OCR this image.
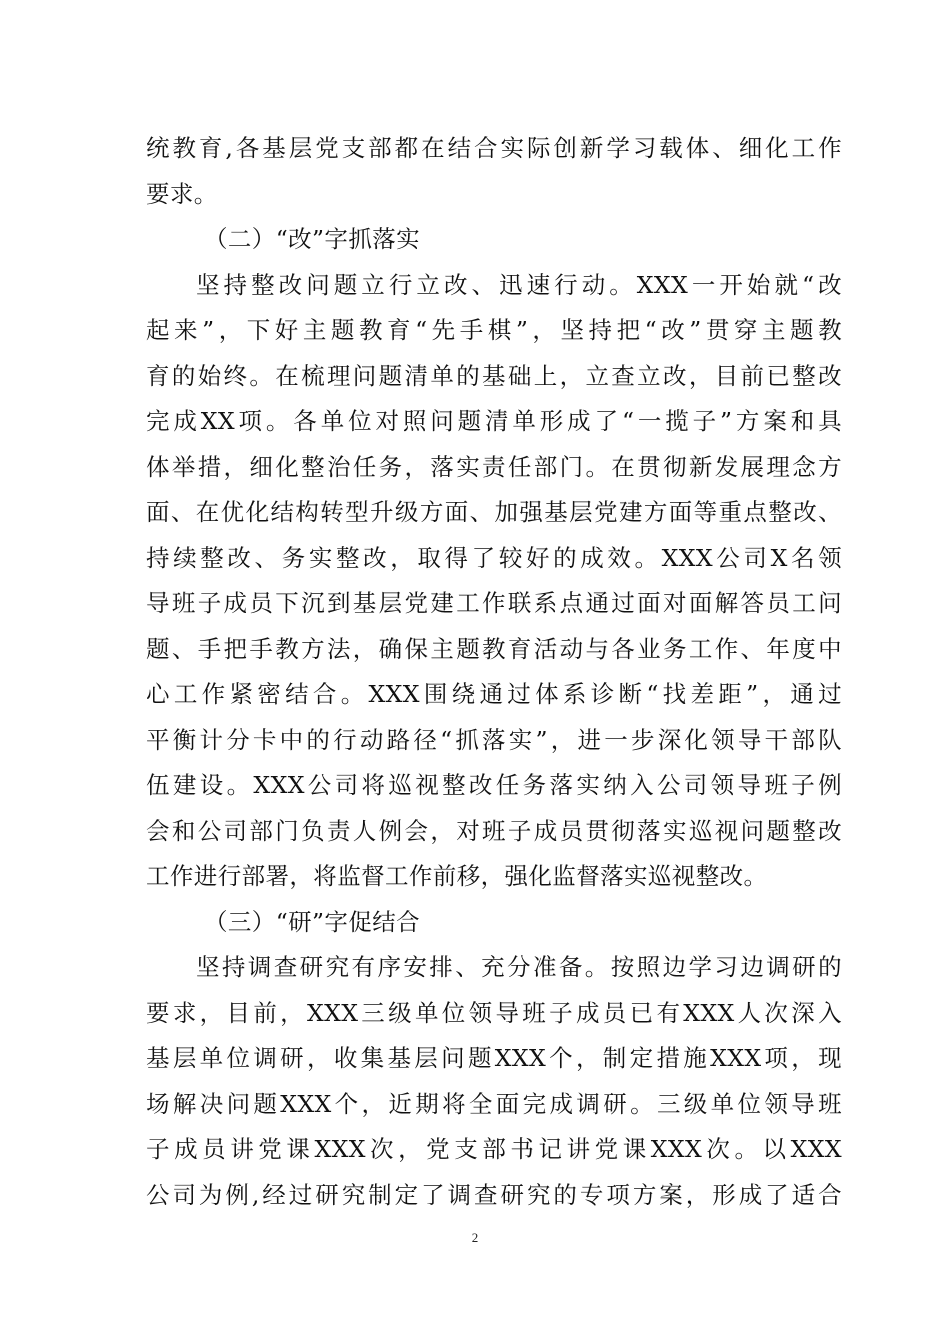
统教育,各基层党支部都在结合实际创新学习载体、细化工作
要求。
（二）“改”字抓落实
坚持整改问题立行立改、迅速行动。XXX一开始就“改
起来”，下好主题教育“先手棋”，坚持把“改”贯穿主题教
育的始终。在梳理问题清单的基础上，立查立改，目前已整改
完成XX项。各单位对照问题清单形成了“一揽子”方案和具
体举措，细化整治任务，落实责任部门。在贯彻新发展理念方
面、在优化结构转型升级方面、加强基层党建方面等重点整改、
持续整改、务实整改，取得了较好的成效。XXX公司X名领
导班子成员下沉到基层党建工作联系点通过面对面解答员工问
题、手把手教方法，确保主题教育活动与各业务工作、年度中
心工作紧密结合。XXX围绕通过体系诊断“找差距”，通过
平衡计分卡中的行动路径“抓落实”，进一步深化领导干部队
伍建设。XXX公司将巡视整改任务落实纳入公司领导班子例
会和公司部门负责人例会，对班子成员贯彻落实巡视问题整改
工作进行部署，将监督工作前移，强化监督落实巡视整改。
（三）“研”字促结合
坚持调查研究有序安排、充分准备。按照边学习边调研的
要求，目前，XXX三级单位领导班子成员已有XXX人次深入
基层单位调研，收集基层问题XXX个，制定措施XXX项，现
场解决问题XXX个，近期将全面完成调研。三级单位领导班
子成员讲党课XXX次，党支部书记讲党课XXX次。以XXX
公司为例,经过研究制定了调查研究的专项方案，形成了适合
2
